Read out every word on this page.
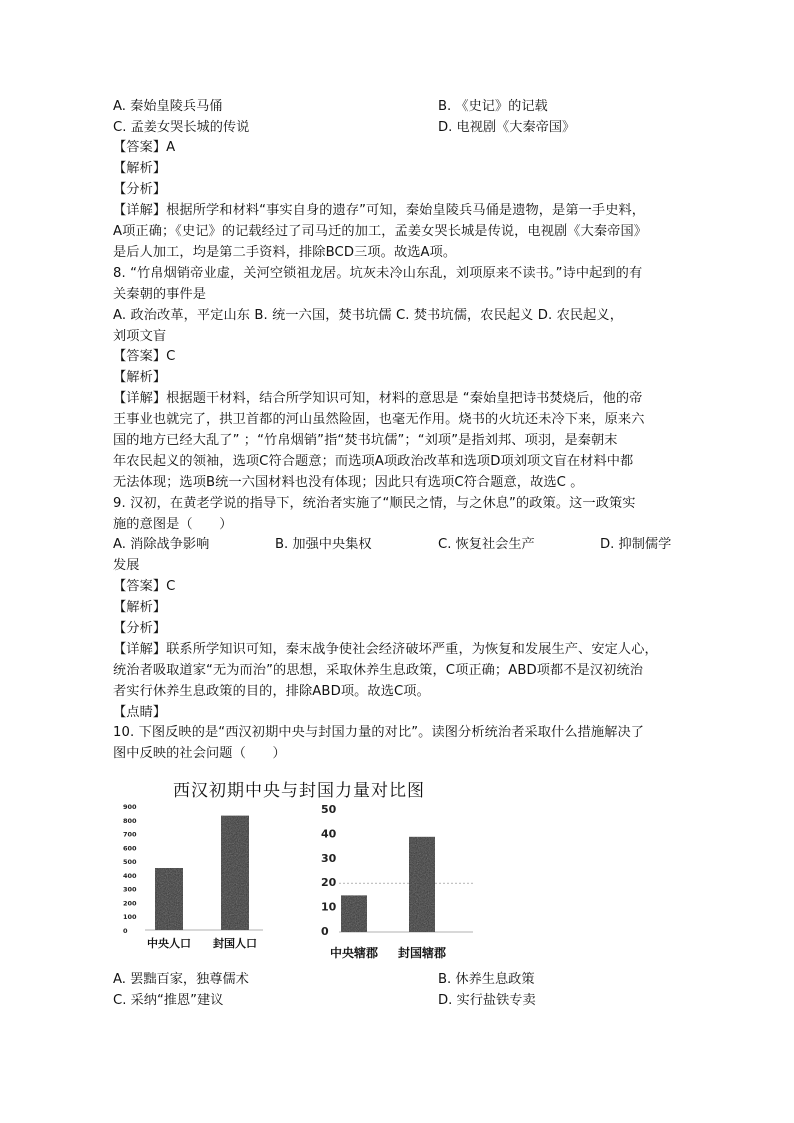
A. 秦始皇陵兵马俑	B. 《史记》的记载
C. 孟姜女哭长城的传说	D. 电视剧《大秦帝国》
【答案】A
【解析】
【分析】
【详解】根据所学和材料“事实自身的遗存”可知，秦始皇陵兵马俑是遗物，是第一手史料，
A项正确；《史记》的记载经过了司马迁的加工，孟姜女哭长城是传说，电视剧《大秦帝国》
是后人加工，均是第二手资料，排除BCD三项。故选A项。
8. “竹帛烟销帝业虚，关河空锁祖龙居。坑灰未冷山东乱，刘项原来不读书。”诗中起到的有
关秦朝的事件是
A. 政治改革，平定山东 B. 统一六国，焚书坑儒 C. 焚书坑儒，农民起义 D. 农民起义，
刘项文盲
【答案】C
【解析】
【详解】根据题干材料，结合所学知识可知，材料的意思是 “秦始皇把诗书焚烧后，他的帝
王事业也就完了，拱卫首都的河山虽然险固，也毫无作用。烧书的火坑还未冷下来，原来六
国的地方已经大乱了” ；“竹帛烟销”指“焚书坑儒”；“刘项”是指刘邦、项羽，是秦朝末
年农民起义的领袖，选项C符合题意；而选项A项政治改革和选项D项刘项文盲在材料中都
无法体现；选项B统一六国材料也没有体现；因此只有选项C符合题意，故选C 。
9. 汉初，在黄老学说的指导下，统治者实施了“顺民之情，与之休息”的政策。这一政策实
施的意图是（　　）
A. 消除战争影响	B. 加强中央集权	C. 恢复社会生产	D. 抑制儒学
发展
【答案】C
【解析】
【分析】
【详解】联系所学知识可知，秦末战争使社会经济破坏严重，为恢复和发展生产、安定人心，
统治者吸取道家“无为而治”的思想，采取休养生息政策，C项正确；ABD项都不是汉初统治
者实行休养生息政策的目的，排除ABD项。故选C项。
【点睛】
10. 下图反映的是“西汉初期中央与封国力量的对比”。读图分析统治者采取什么措施解决了
图中反映的社会问题（　　）
西汉初期中央与封国力量对比图
900
800
700
600
500
400
300
200
100
0
中央人口 封国人口
50
40
30
20
10
0
中央辖郡 封国辖郡
A. 罢黜百家，独尊儒术	B. 休养生息政策
C. 采纳“推恩”建议	D. 实行盐铁专卖
